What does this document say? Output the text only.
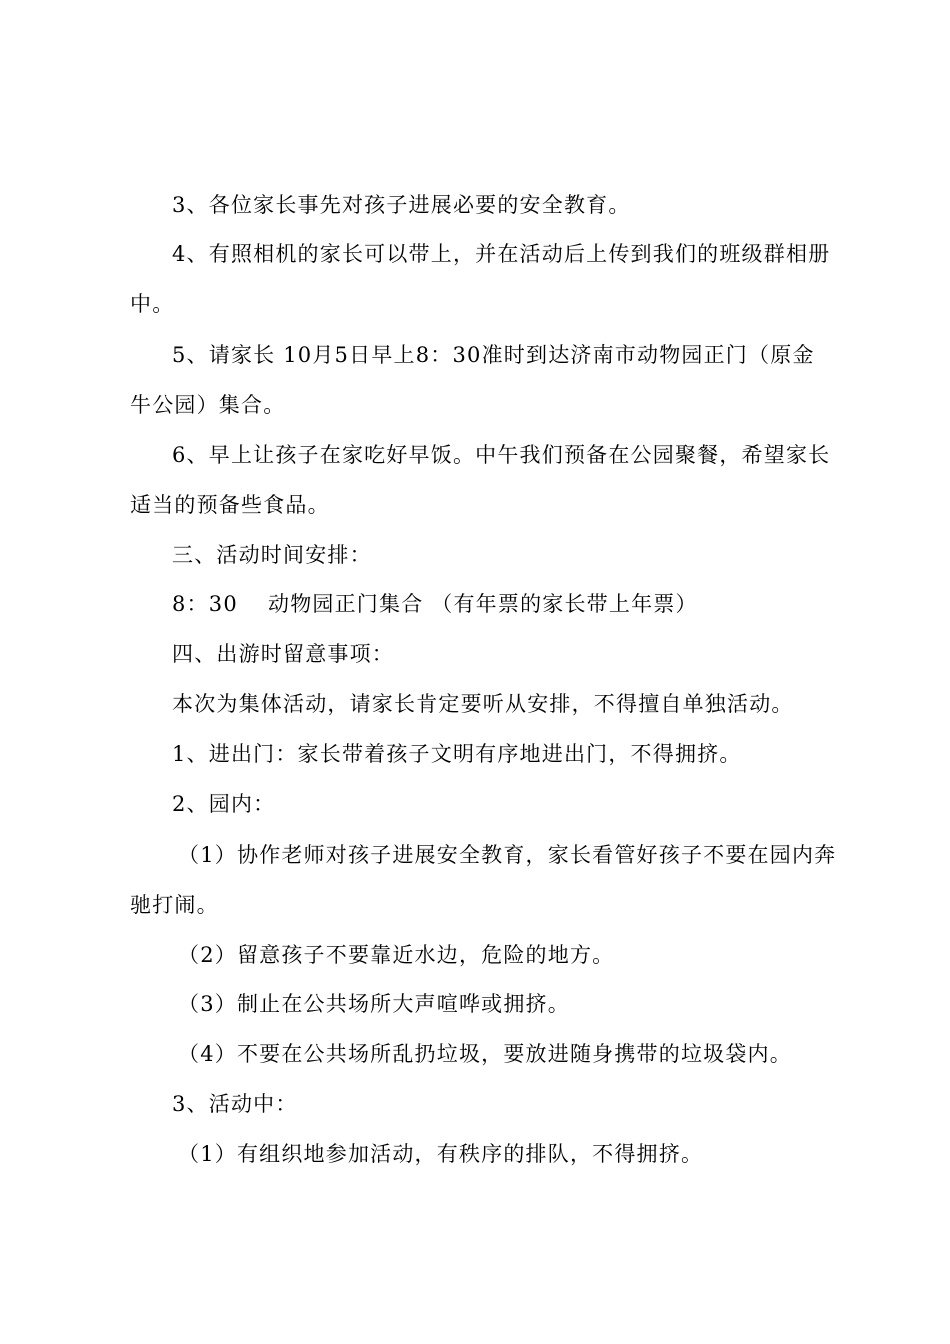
3、各位家长事先对孩子进展必要的安全教育。
4、有照相机的家长可以带上，并在活动后上传到我们的班级群相册
中。
5、请家长 10月5日早上8：30准时到达济南市动物园正门（原金
牛公园）集合。
6、早上让孩子在家吃好早饭。中午我们预备在公园聚餐，希望家长
适当的预备些食品。
三、活动时间安排：
8：30 动物园正门集合 （有年票的家长带上年票）
四、出游时留意事项：
本次为集体活动，请家长肯定要听从安排，不得擅自单独活动。
1、进出门：家长带着孩子文明有序地进出门，不得拥挤。
2、园内：
（1）协作老师对孩子进展安全教育，家长看管好孩子不要在园内奔
驰打闹。
（2）留意孩子不要靠近水边，危险的地方。
（3）制止在公共场所大声喧哗或拥挤。
（4）不要在公共场所乱扔垃圾，要放进随身携带的垃圾袋内。
3、活动中：
（1）有组织地参加活动，有秩序的排队，不得拥挤。
